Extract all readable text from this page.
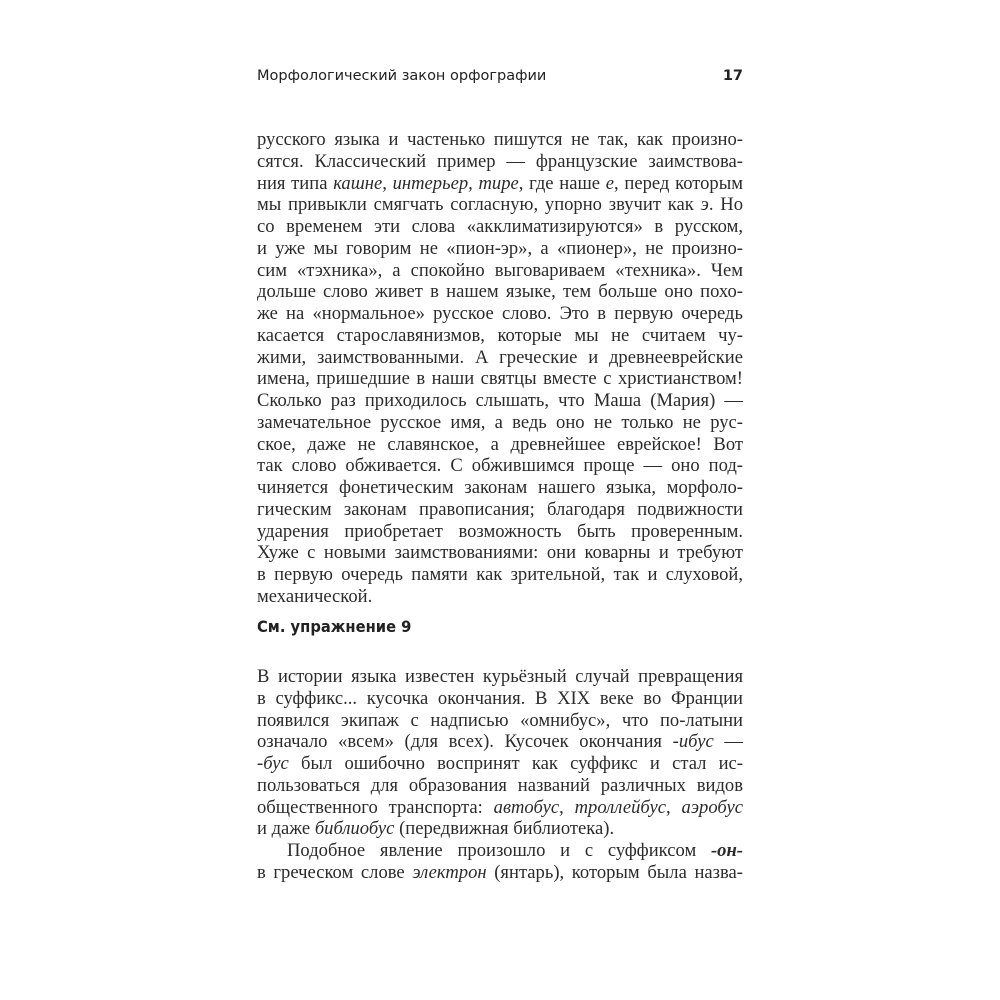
Морфологический закон орфографии	17
русского языка и частенько пишутся не так, как произно-
сятся. Классический пример — французские заимствова-
ния типа кашне, интерьер, тире, где наше е, перед которым
мы привыкли смягчать согласную, упорно звучит как э. Но
со временем эти слова «акклиматизируются» в русском,
и уже мы говорим не «пион-эр», а «пионер», не произно-
сим «тэхника», а спокойно выговариваем «техника». Чем
дольше слово живет в нашем языке, тем больше оно похо-
же на «нормальное» русское слово. Это в первую очередь
касается старославянизмов, которые мы не считаем чу-
жими, заимствованными. А греческие и древнееврейские
имена, пришедшие в наши святцы вместе с христианством!
Сколько раз приходилось слышать, что Маша (Мария) —
замечательное русское имя, а ведь оно не только не рус-
ское, даже не славянское, а древнейшее еврейское! Вот
так слово обживается. С обжившимся проще — оно под-
чиняется фонетическим законам нашего языка, морфоло-
гическим законам правописания; благодаря подвижности
ударения приобретает возможность быть проверенным.
Хуже с новыми заимствованиями: они коварны и требуют
в первую очередь памяти как зрительной, так и слуховой,
механической.
См. упражнение 9
В истории языка известен курьёзный случай превращения
в суффикс... кусочка окончания. В XIX веке во Франции
появился экипаж с надписью «омнибус», что по-латыни
означало «всем» (для всех). Кусочек окончания -ибус —
-бус был ошибочно воспринят как суффикс и стал ис-
пользоваться для образования названий различных видов
общественного транспорта: автобус, троллейбус, аэробус
и даже библиобус (передвижная библиотека).
Подобное явление произошло и с суффиксом -он-
в греческом слове электрон (янтарь), которым была назва-
